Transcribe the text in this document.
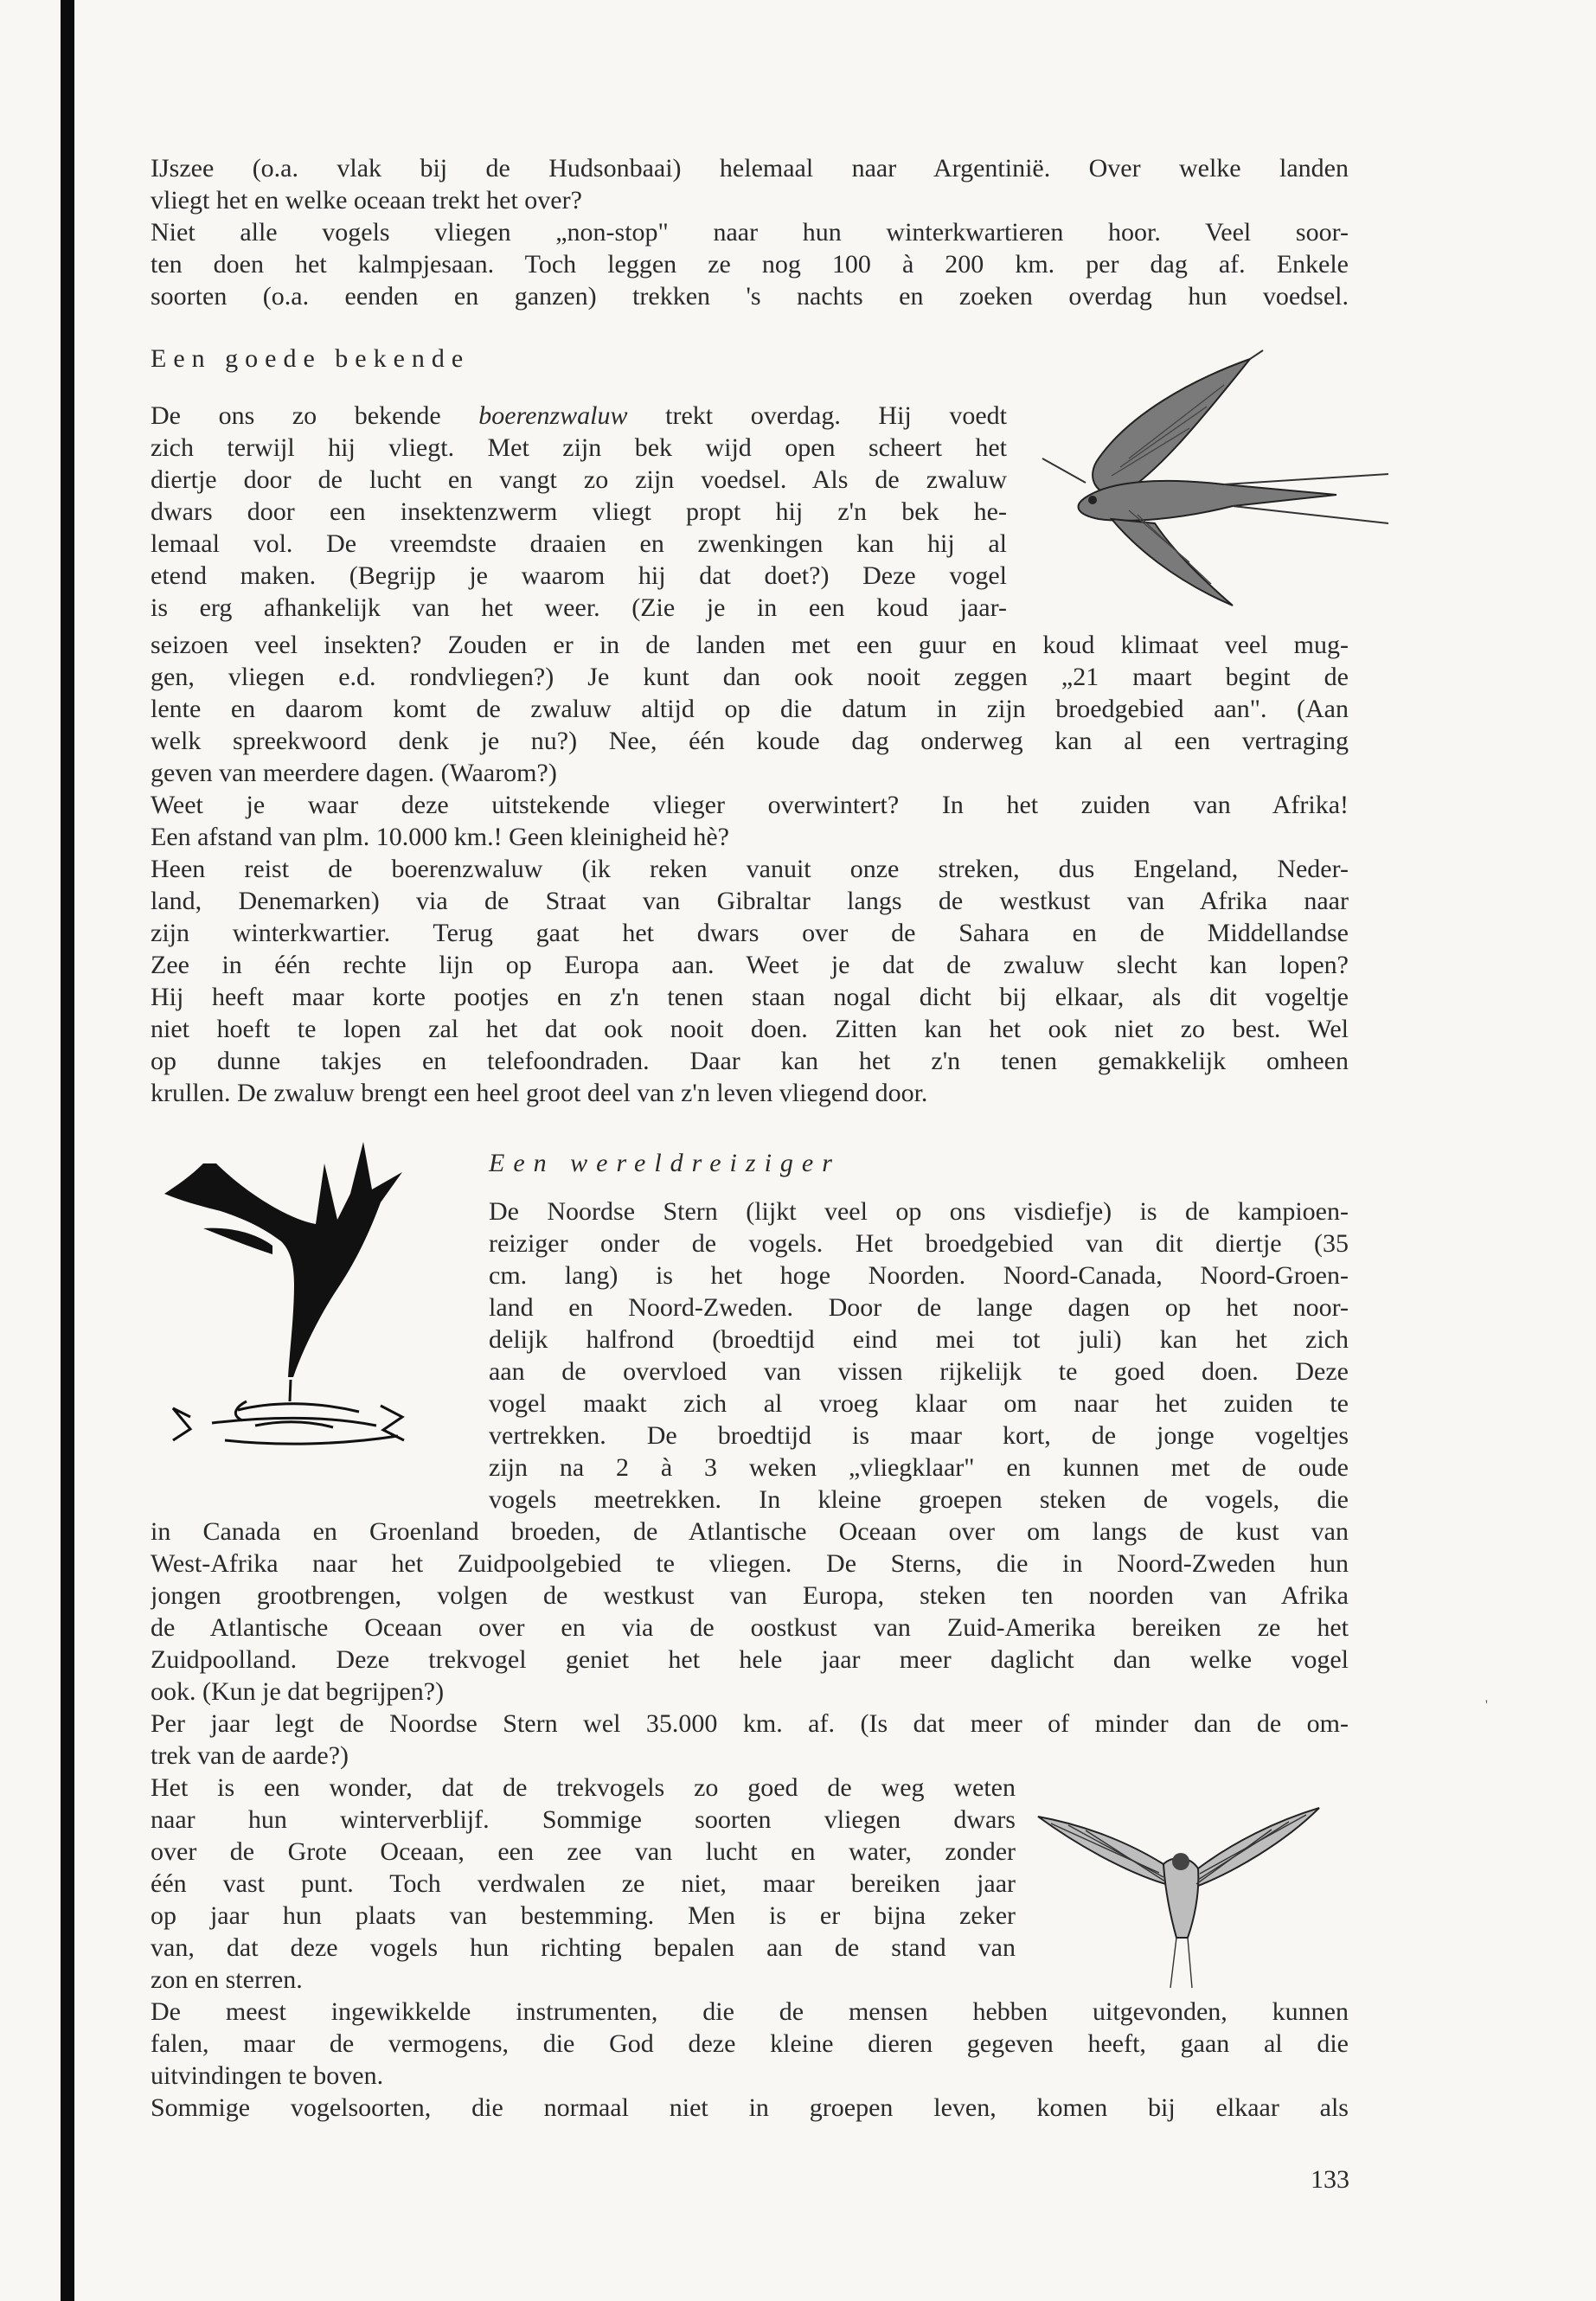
IJszee (o.a. vlak bij de Hudsonbaai) helemaal naar Argentinië. Over welke landen
vliegt het en welke oceaan trekt het over?
Niet alle vogels vliegen „non-stop" naar hun winterkwartieren hoor. Veel soor-
ten doen het kalmpjesaan. Toch leggen ze nog 100 à 200 km. per dag af. Enkele
soorten (o.a. eenden en ganzen) trekken 's nachts en zoeken overdag hun voedsel.
Een goede bekende
De ons zo bekende boerenzwaluw trekt overdag. Hij voedt
zich terwijl hij vliegt. Met zijn bek wijd open scheert het
diertje door de lucht en vangt zo zijn voedsel. Als de zwaluw
dwars door een insektenzwerm vliegt propt hij z'n bek he-
lemaal vol. De vreemdste draaien en zwenkingen kan hij al
etend maken. (Begrijp je waarom hij dat doet?) Deze vogel
is erg afhankelijk van het weer. (Zie je in een koud jaar-
seizoen veel insekten? Zouden er in de landen met een guur en koud klimaat veel mug-
gen, vliegen e.d. rondvliegen?) Je kunt dan ook nooit zeggen „21 maart begint de
lente en daarom komt de zwaluw altijd op die datum in zijn broedgebied aan". (Aan
welk spreekwoord denk je nu?) Nee, één koude dag onderweg kan al een vertraging
geven van meerdere dagen. (Waarom?)
Weet je waar deze uitstekende vlieger overwintert? In het zuiden van Afrika!
Een afstand van plm. 10.000 km.! Geen kleinigheid hè?
Heen reist de boerenzwaluw (ik reken vanuit onze streken, dus Engeland, Neder-
land, Denemarken) via de Straat van Gibraltar langs de westkust van Afrika naar
zijn winterkwartier. Terug gaat het dwars over de Sahara en de Middellandse
Zee in één rechte lijn op Europa aan. Weet je dat de zwaluw slecht kan lopen?
Hij heeft maar korte pootjes en z'n tenen staan nogal dicht bij elkaar, als dit vogeltje
niet hoeft te lopen zal het dat ook nooit doen. Zitten kan het ook niet zo best. Wel
op dunne takjes en telefoondraden. Daar kan het z'n tenen gemakkelijk omheen
krullen. De zwaluw brengt een heel groot deel van z'n leven vliegend door.
Een wereldreiziger
De Noordse Stern (lijkt veel op ons visdiefje) is de kampioen-
reiziger onder de vogels. Het broedgebied van dit diertje (35
cm. lang) is het hoge Noorden. Noord-Canada, Noord-Groen-
land en Noord-Zweden. Door de lange dagen op het noor-
delijk halfrond (broedtijd eind mei tot juli) kan het zich
aan de overvloed van vissen rijkelijk te goed doen. Deze
vogel maakt zich al vroeg klaar om naar het zuiden te
vertrekken. De broedtijd is maar kort, de jonge vogeltjes
zijn na 2 à 3 weken „vliegklaar" en kunnen met de oude
vogels meetrekken. In kleine groepen steken de vogels, die
in Canada en Groenland broeden, de Atlantische Oceaan over om langs de kust van
West-Afrika naar het Zuidpoolgebied te vliegen. De Sterns, die in Noord-Zweden hun
jongen grootbrengen, volgen de westkust van Europa, steken ten noorden van Afrika
de Atlantische Oceaan over en via de oostkust van Zuid-Amerika bereiken ze het
Zuidpoolland. Deze trekvogel geniet het hele jaar meer daglicht dan welke vogel
ook. (Kun je dat begrijpen?)
Per jaar legt de Noordse Stern wel 35.000 km. af. (Is dat meer of minder dan de om-
trek van de aarde?)
Het is een wonder, dat de trekvogels zo goed de weg weten
naar hun winterverblijf. Sommige soorten vliegen dwars
over de Grote Oceaan, een zee van lucht en water, zonder
één vast punt. Toch verdwalen ze niet, maar bereiken jaar
op jaar hun plaats van bestemming. Men is er bijna zeker
van, dat deze vogels hun richting bepalen aan de stand van
zon en sterren.
De meest ingewikkelde instrumenten, die de mensen hebben uitgevonden, kunnen
falen, maar de vermogens, die God deze kleine dieren gegeven heeft, gaan al die
uitvindingen te boven.
Sommige vogelsoorten, die normaal niet in groepen leven, komen bij elkaar als
'
133
